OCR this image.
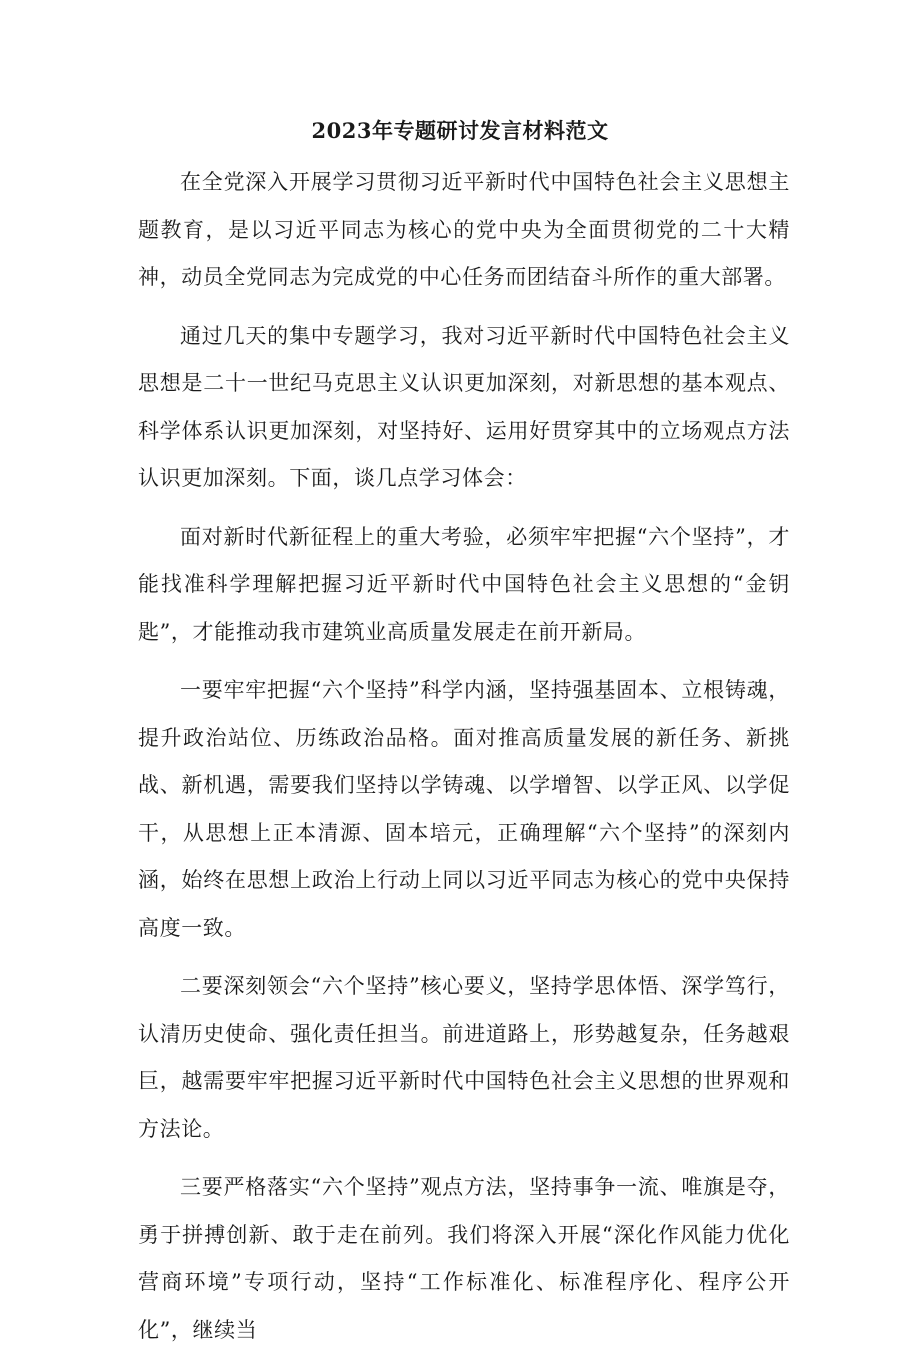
2023年专题研讨发言材料范文

在全党深入开展学习贯彻习近平新时代中国特色社会主义思想主题教育，是以习近平同志为核心的党中央为全面贯彻党的二十大精神，动员全党同志为完成党的中心任务而团结奋斗所作的重大部署。

通过几天的集中专题学习，我对习近平新时代中国特色社会主义思想是二十一世纪马克思主义认识更加深刻，对新思想的基本观点、科学体系认识更加深刻，对坚持好、运用好贯穿其中的立场观点方法认识更加深刻。下面，谈几点学习体会：

面对新时代新征程上的重大考验，必须牢牢把握“六个坚持”，才能找准科学理解把握习近平新时代中国特色社会主义思想的“金钥匙”，才能推动我市建筑业高质量发展走在前开新局。

一要牢牢把握“六个坚持”科学内涵，坚持强基固本、立根铸魂，提升政治站位、历练政治品格。面对推高质量发展的新任务、新挑战、新机遇，需要我们坚持以学铸魂、以学增智、以学正风、以学促干，从思想上正本清源、固本培元，正确理解“六个坚持”的深刻内涵，始终在思想上政治上行动上同以习近平同志为核心的党中央保持高度一致。

二要深刻领会“六个坚持”核心要义，坚持学思体悟、深学笃行，认清历史使命、强化责任担当。前进道路上，形势越复杂，任务越艰巨，越需要牢牢把握习近平新时代中国特色社会主义思想的世界观和方法论。

三要严格落实“六个坚持”观点方法，坚持事争一流、唯旗是夺，勇于拼搏创新、敢于走在前列。我们将深入开展“深化作风能力优化营商环境”专项行动，坚持“工作标准化、标准程序化、程序公开化”，继续当
